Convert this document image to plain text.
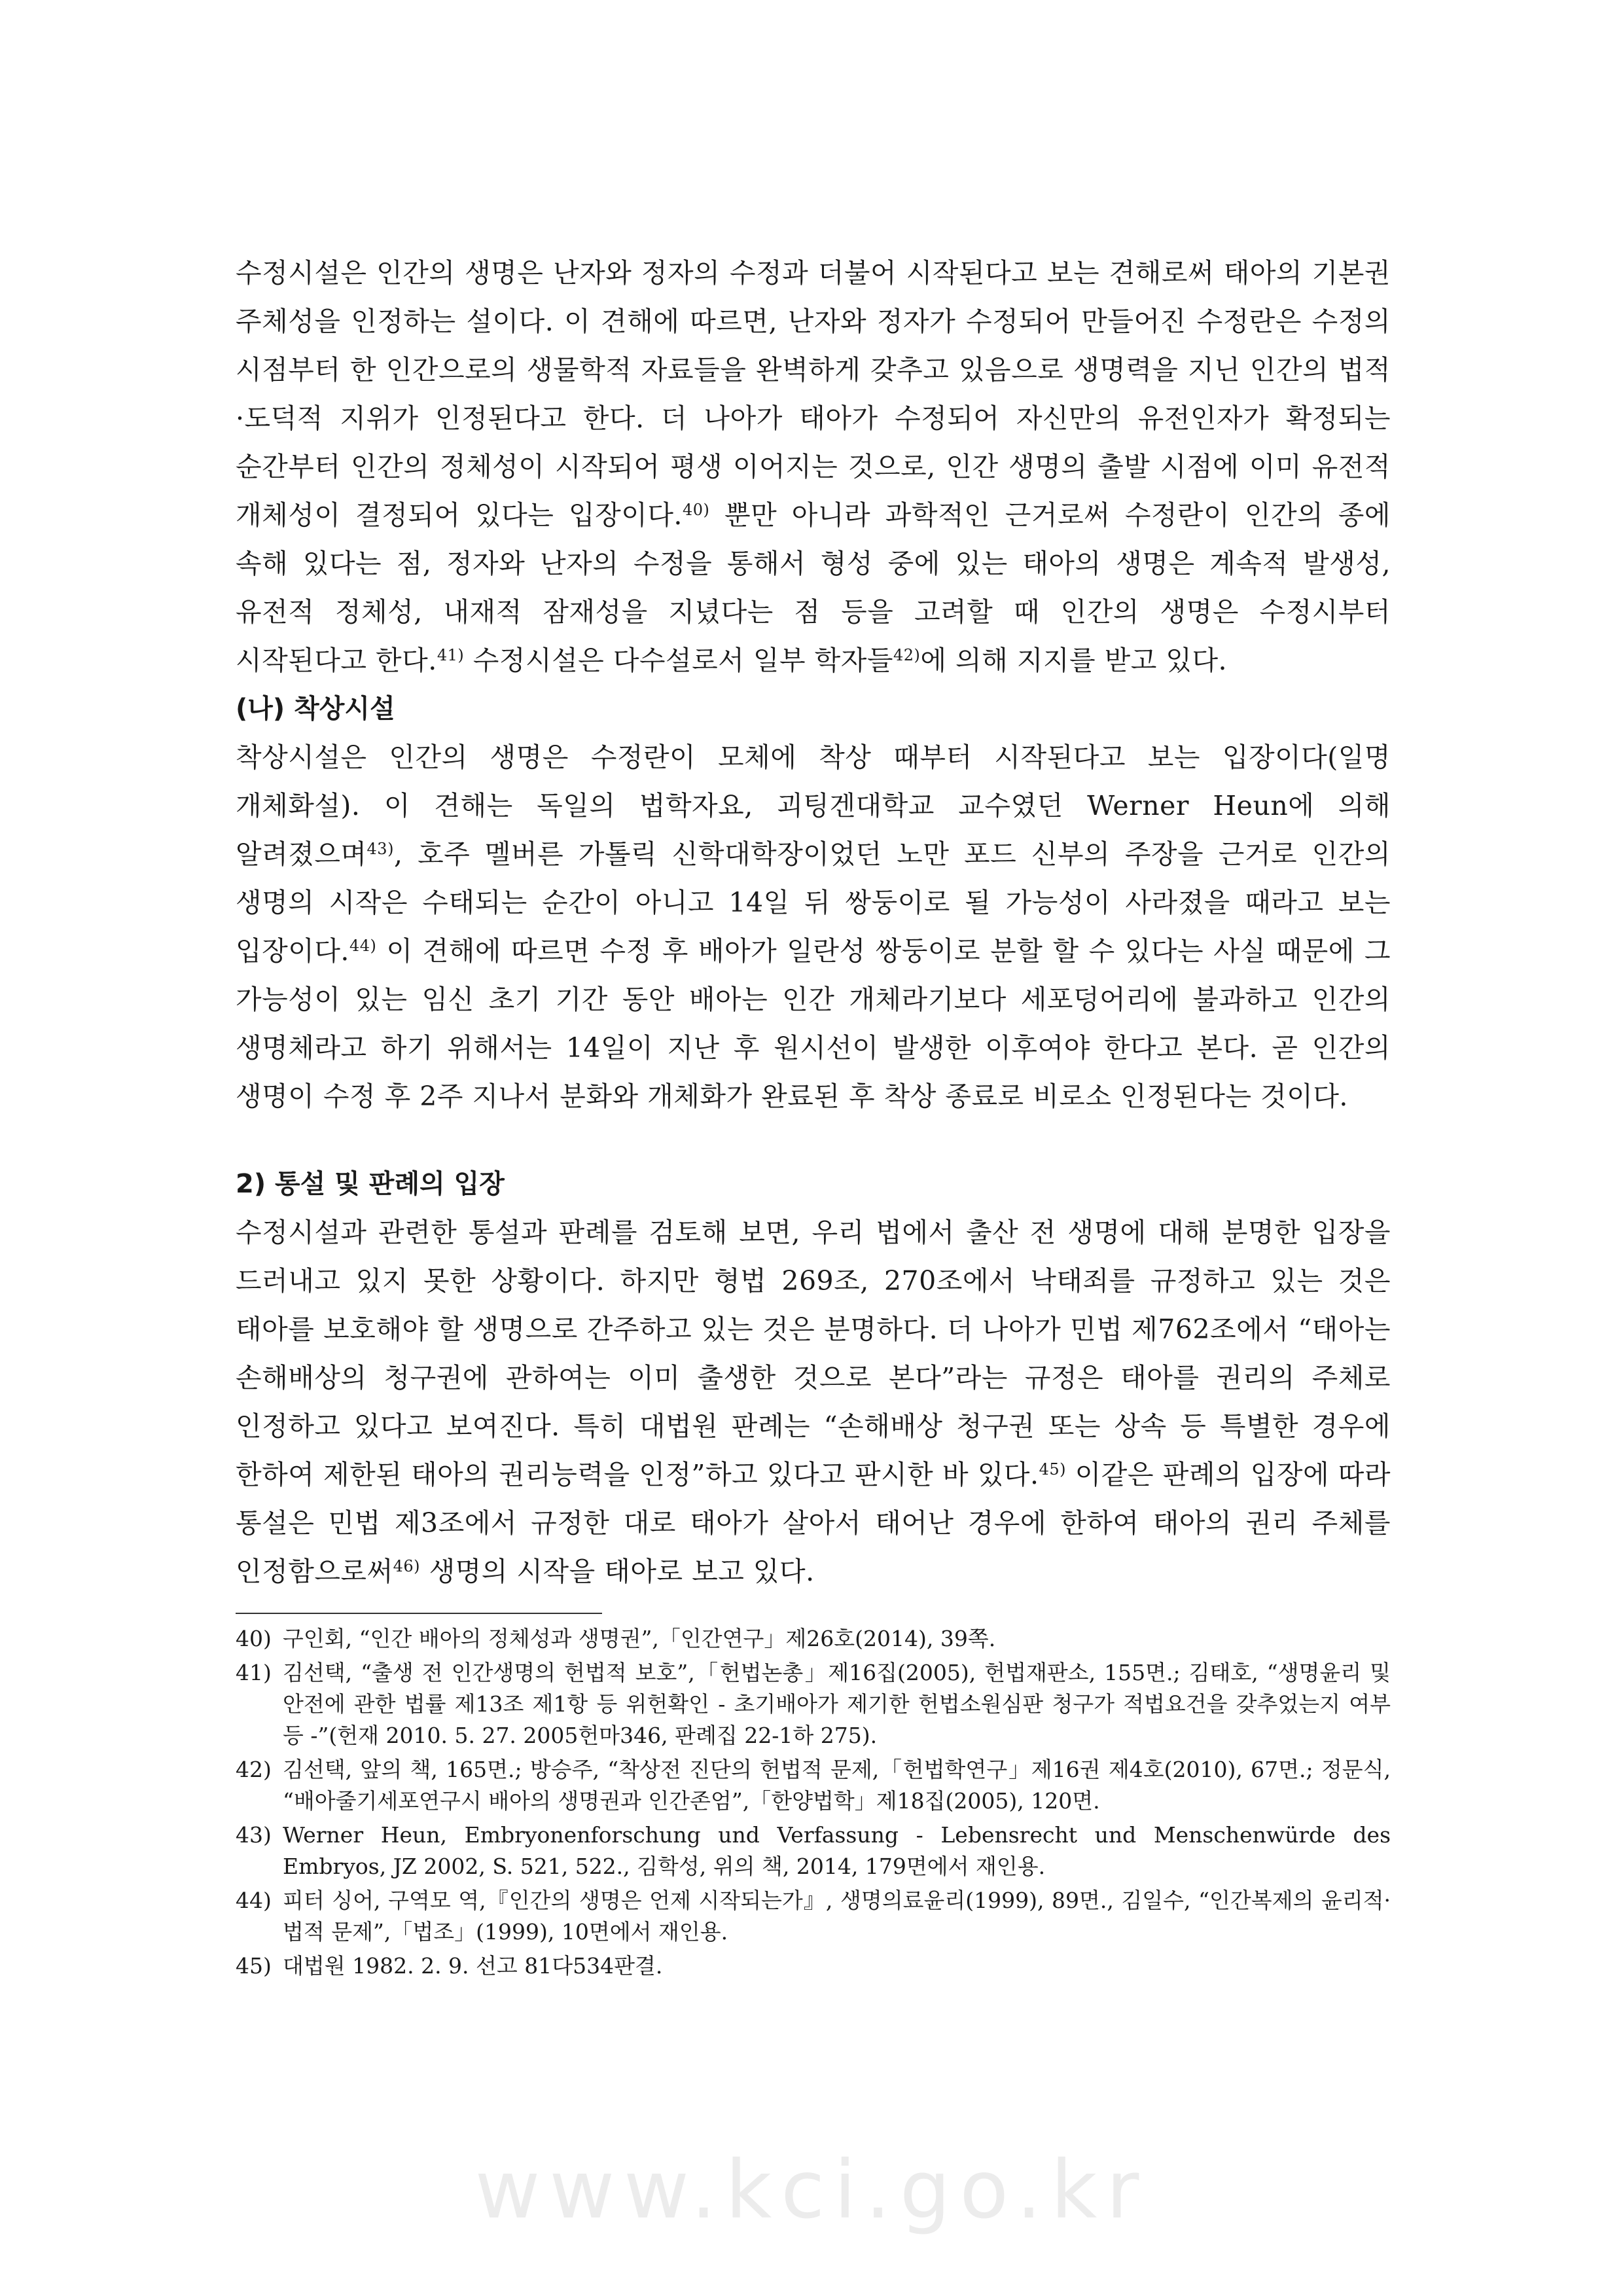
수정시설은 인간의 생명은 난자와 정자의 수정과 더불어 시작된다고 보는 견해로써 태아의 기본권 주체성을 인정하는 설이다. 이 견해에 따르면, 난자와 정자가 수정되어 만들어진 수정란은 수정의 시점부터 한 인간으로의 생물학적 자료들을 완벽하게 갖추고 있음으로 생명력을 지닌 인간의 법적·도덕적 지위가 인정된다고 한다. 더 나아가 태아가 수정되어 자신만의 유전인자가 확정되는 순간부터 인간의 정체성이 시작되어 평생 이어지는 것으로, 인간 생명의 출발 시점에 이미 유전적 개체성이 결정되어 있다는 입장이다.$^{40)}$ 뿐만 아니라 과학적인 근거로써 수정란이 인간의 종에 속해 있다는 점, 정자와 난자의 수정을 통해서 형성 중에 있는 태아의 생명은 계속적 발생성, 유전적 정체성, 내재적 잠재성을 지녔다는 점 등을 고려할 때 인간의 생명은 수정시부터 시작된다고 한다.$^{41)}$ 수정시설은 다수설로서 일부 학자들$^{42)}$에 의해 지지를 받고 있다.

(나) 착상시설

착상시설은 인간의 생명은 수정란이 모체에 착상 때부터 시작된다고 보는 입장이다(일명 개체화설). 이 견해는 독일의 법학자요, 괴팅겐대학교 교수였던 Werner Heun에 의해 알려졌으며$^{43)}$, 호주 멜버른 가톨릭 신학대학장이었던 노만 포드 신부의 주장을 근거로 인간의 생명의 시작은 수태되는 순간이 아니고 14일 뒤 쌍둥이로 될 가능성이 사라졌을 때라고 보는 입장이다.$^{44)}$ 이 견해에 따르면 수정 후 배아가 일란성 쌍둥이로 분할 할 수 있다는 사실 때문에 그 가능성이 있는 임신 초기 기간 동안 배아는 인간 개체라기보다 세포덩어리에 불과하고 인간의 생명체라고 하기 위해서는 14일이 지난 후 원시선이 발생한 이후여야 한다고 본다. 곧 인간의 생명이 수정 후 2주 지나서 분화와 개체화가 완료된 후 착상 종료로 비로소 인정된다는 것이다.

2) 통설 및 판례의 입장

수정시설과 관련한 통설과 판례를 검토해 보면, 우리 법에서 출산 전 생명에 대해 분명한 입장을 드러내고 있지 못한 상황이다. 하지만 형법 269조, 270조에서 낙태죄를 규정하고 있는 것은 태아를 보호해야 할 생명으로 간주하고 있는 것은 분명하다. 더 나아가 민법 제762조에서 “태아는 손해배상의 청구권에 관하여는 이미 출생한 것으로 본다”라는 규정은 태아를 권리의 주체로 인정하고 있다고 보여진다. 특히 대법원 판례는 “손해배상 청구권 또는 상속 등 특별한 경우에 한하여 제한된 태아의 권리능력을 인정”하고 있다고 판시한 바 있다.$^{45)}$ 이같은 판례의 입장에 따라 통설은 민법 제3조에서 규정한 대로 태아가 살아서 태어난 경우에 한하여 태아의 권리 주체를 인정함으로써$^{46)}$ 생명의 시작을 태아로 보고 있다.

40) 구인회, “인간 배아의 정체성과 생명권”,「인간연구」제26호(2014), 39쪽.

41) 김선택, “출생 전 인간생명의 헌법적 보호”,「헌법논총」제16집(2005), 헌법재판소, 155면.; 김태호, “생명윤리 및 안전에 관한 법률 제13조 제1항 등 위헌확인 - 초기배아가 제기한 헌법소원심판 청구가 적법요건을 갖추었는지 여부 등 -”(헌재 2010. 5. 27. 2005헌마346, 판례집 22-1하 275).

42) 김선택, 앞의 책, 165면.; 방승주, “착상전 진단의 헌법적 문제,「헌법학연구」제16권 제4호(2010), 67면.; 정문식, “배아줄기세포연구시 배아의 생명권과 인간존엄”,「한양법학」제18집(2005), 120면.

43) Werner Heun, Embryonenforschung und Verfassung - Lebensrecht und Menschenwürde des Embryos, JZ 2002, S. 521, 522., 김학성, 위의 책, 2014, 179면에서 재인용.

44) 피터 싱어, 구역모 역,『인간의 생명은 언제 시작되는가』, 생명의료윤리(1999), 89면., 김일수, “인간복제의 윤리적·법적 문제”,「법조」(1999), 10면에서 재인용.

45) 대법원 1982. 2. 9. 선고 81다534판결.

www.kci.go.kr
